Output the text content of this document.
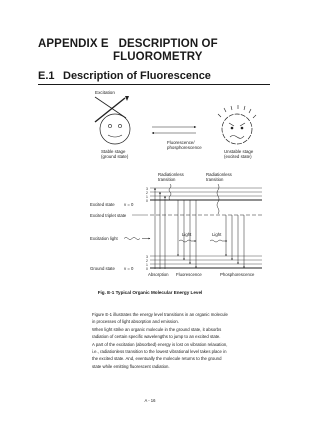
APPENDIX E DESCRIPTION OF
FLUOROMETRY
E.1 Description of Fluorescence
Excitation
Stable stage
(ground state)
Fluorescence/
phosphorescence
Unstable stage
(excited state)
Radiationless
transition
Radiationless
transition
3
2
1
0
Excited state v = 0
Excited triplet state
Excitation light
Light	Light
3
2
1
0
Ground state v = 0
Absorption Fluorescence	Phosphorescence
Fig. E-1 Typical Organic Molecular Energy Level
Figure E-1 illustrates the energy level transitions in an organic molecule
in processes of light absorption and emission.
When light strike an organic molecule in the ground state, it absorbs
radiation of certain specific wavelengths to jump to an excited state.
A part of the excitation (absorbed) energy is lost on vibration relaxation,
i.e., radiationless transition to the lowest vibrational level takes place in
the excited state. And, eventually the molecule returns to the ground
state while emitting fluorescent radiation.
A - 16
